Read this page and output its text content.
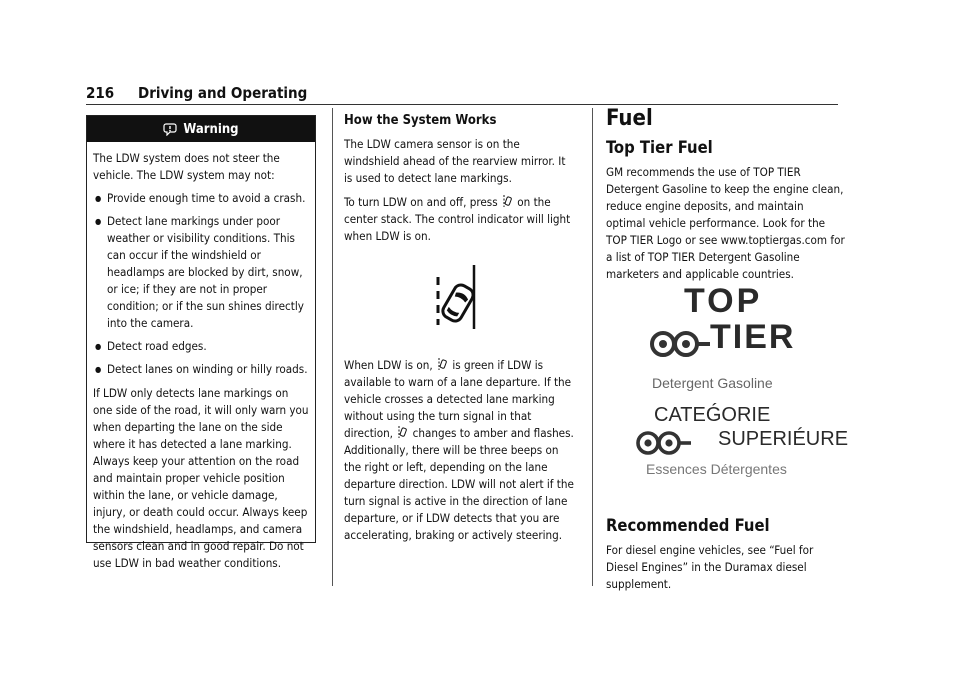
216 Driving and Operating
Warning

The LDW system does not steer the vehicle. The LDW system may not:

● Provide enough time to avoid a crash.
● Detect lane markings under poor weather or visibility conditions. This can occur if the windshield or headlamps are blocked by dirt, snow, or ice; if they are not in proper condition; or if the sun shines directly into the camera.
● Detect road edges.
● Detect lanes on winding or hilly roads.

If LDW only detects lane markings on one side of the road, it will only warn you when departing the lane on the side where it has detected a lane marking. Always keep your attention on the road and maintain proper vehicle position within the lane, or vehicle damage, injury, or death could occur. Always keep the windshield, headlamps, and camera sensors clean and in good repair. Do not use LDW in bad weather conditions.

How the System Works

The LDW camera sensor is on the windshield ahead of the rearview mirror. It is used to detect lane markings.

To turn LDW on and off, press on the center stack. The control indicator will light when LDW is on.

When LDW is on, is green if LDW is available to warn of a lane departure. If the vehicle crosses a detected lane marking without using the turn signal in that direction, changes to amber and flashes. Additionally, there will be three beeps on the right or left, depending on the lane departure direction. LDW will not alert if the turn signal is active in the direction of lane departure, or if LDW detects that you are accelerating, braking or actively steering.

Fuel
Top Tier Fuel

GM recommends the use of TOP TIER Detergent Gasoline to keep the engine clean, reduce engine deposits, and maintain optimal vehicle performance. Look for the TOP TIER Logo or see www.toptiergas.com for a list of TOP TIER Detergent Gasoline marketers and applicable countries.

TOP
TIER
Detergent Gasoline
CATEǴORIE
SUPERIÉURE
Essences Détergentes
Recommended Fuel

For diesel engine vehicles, see “Fuel for Diesel Engines” in the Duramax diesel supplement.
